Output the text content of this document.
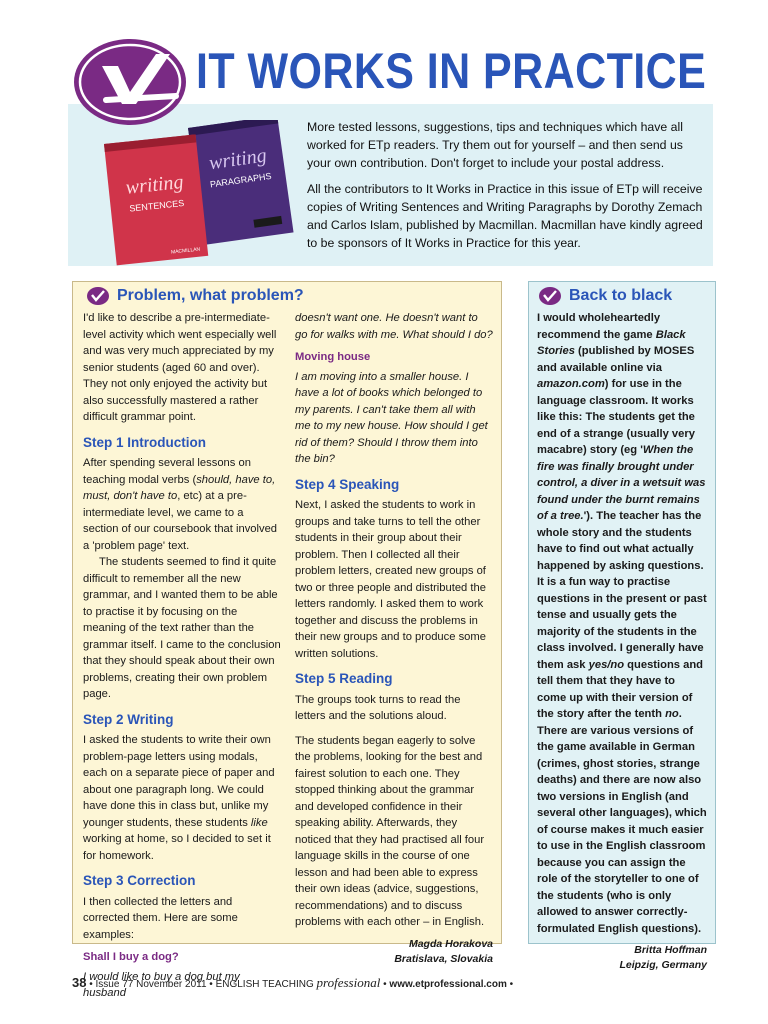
IT WORKS IN PRACTICE
writing
PARAGRAPHS
writing
SENTENCES
MACMILLAN

More tested lessons, suggestions, tips and techniques which have all worked for ETp readers. Try them out for yourself – and then send us your own contribution. Don't forget to include your postal address.

All the contributors to It Works in Practice in this issue of ETp will receive copies of Writing Sentences and Writing Paragraphs by Dorothy Zemach and Carlos Islam, published by Macmillan. Macmillan have kindly agreed to be sponsors of It Works in Practice for this year.

Problem, what problem?

I'd like to describe a pre-intermediate-level activity which went especially well and was very much appreciated by my senior students (aged 60 and over). They not only enjoyed the activity but also successfully mastered a rather difficult grammar point.

Step 1 Introduction

After spending several lessons on teaching modal verbs (should, have to, must, don't have to, etc) at a pre-intermediate level, we came to a section of our coursebook that involved a 'problem page' text.

The students seemed to find it quite difficult to remember all the new grammar, and I wanted them to be able to practise it by focusing on the meaning of the text rather than the grammar itself. I came to the conclusion that they should speak about their own problems, creating their own problem page.

Step 2 Writing

I asked the students to write their own problem-page letters using modals, each on a separate piece of paper and about one paragraph long. We could have done this in class but, unlike my younger students, these students like working at home, so I decided to set it for homework.

Step 3 Correction

I then collected the letters and corrected them. Here are some examples:

Shall I buy a dog?

I would like to buy a dog but my husband

doesn't want one. He doesn't want to go for walks with me. What should I do?

Moving house

I am moving into a smaller house. I have a lot of books which belonged to my parents. I can't take them all with me to my new house. How should I get rid of them? Should I throw them into the bin?

Step 4 Speaking

Next, I asked the students to work in groups and take turns to tell the other students in their group about their problem. Then I collected all their problem letters, created new groups of two or three people and distributed the letters randomly. I asked them to work together and discuss the problems in their new groups and to produce some written solutions.

Step 5 Reading

The groups took turns to read the letters and the solutions aloud.

The students began eagerly to solve the problems, looking for the best and fairest solution to each one. They stopped thinking about the grammar and developed confidence in their speaking ability. Afterwards, they noticed that they had practised all four language skills in the course of one lesson and had been able to express their own ideas (advice, suggestions, recommendations) and to discuss problems with each other – in English.

Magda Horakova
Bratislava, Slovakia
Back to black

I would wholeheartedly recommend the game Black Stories (published by MOSES and available online via amazon.com) for use in the language classroom. It works like this: The students get the end of a strange (usually very macabre) story (eg 'When the fire was finally brought under control, a diver in a wetsuit was found under the burnt remains of a tree.'). The teacher has the whole story and the students have to find out what actually happened by asking questions. It is a fun way to practise questions in the present or past tense and usually gets the majority of the students in the class involved. I generally have them ask yes/no questions and tell them that they have to come up with their version of the story after the tenth no. There are various versions of the game available in German (crimes, ghost stories, strange deaths) and there are now also two versions in English (and several other languages), which of course makes it much easier to use in the English classroom because you can assign the role of the storyteller to one of the students (who is only allowed to answer correctly-formulated English questions).

Britta Hoffman
Leipzig, Germany
38 • Issue 77 November 2011 • ENGLISH TEACHING professional • www.etprofessional.com •
